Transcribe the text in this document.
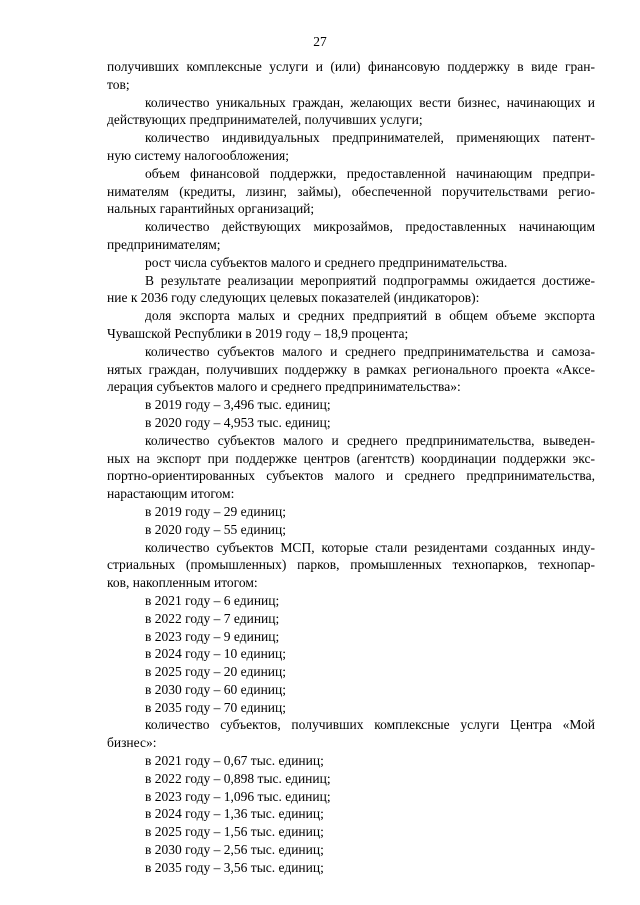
27
получивших комплексные услуги и (или) финансовую поддержку в виде гран-
тов;
количество уникальных граждан, желающих вести бизнес, начинающих и
действующих предпринимателей, получивших услуги;
количество индивидуальных предпринимателей, применяющих патент-
ную систему налогообложения;
объем финансовой поддержки, предоставленной начинающим предпри-
нимателям (кредиты, лизинг, займы), обеспеченной поручительствами регио-
нальных гарантийных организаций;
количество действующих микрозаймов, предоставленных начинающим
предпринимателям;
рост числа субъектов малого и среднего предпринимательства.
В результате реализации мероприятий подпрограммы ожидается достиже-
ние к 2036 году следующих целевых показателей (индикаторов):
доля экспорта малых и средних предприятий в общем объеме экспорта
Чувашской Республики в 2019 году – 18,9 процента;
количество субъектов малого и среднего предпринимательства и самоза-
нятых граждан, получивших поддержку в рамках регионального проекта «Аксе-
лерация субъектов малого и среднего предпринимательства»:
в 2019 году – 3,496 тыс. единиц;
в 2020 году – 4,953 тыс. единиц;
количество субъектов малого и среднего предпринимательства, выведен-
ных на экспорт при поддержке центров (агентств) координации поддержки экс-
портно-ориентированных субъектов малого и среднего предпринимательства,
нарастающим итогом:
в 2019 году – 29 единиц;
в 2020 году – 55 единиц;
количество субъектов МСП, которые стали резидентами созданных инду-
стриальных (промышленных) парков, промышленных технопарков, технопар-
ков, накопленным итогом:
в 2021 году – 6 единиц;
в 2022 году – 7 единиц;
в 2023 году – 9 единиц;
в 2024 году – 10 единиц;
в 2025 году – 20 единиц;
в 2030 году – 60 единиц;
в 2035 году – 70 единиц;
количество субъектов, получивших комплексные услуги Центра «Мой
бизнес»:
в 2021 году – 0,67 тыс. единиц;
в 2022 году – 0,898 тыс. единиц;
в 2023 году – 1,096 тыс. единиц;
в 2024 году – 1,36 тыс. единиц;
в 2025 году – 1,56 тыс. единиц;
в 2030 году – 2,56 тыс. единиц;
в 2035 году – 3,56 тыс. единиц;
